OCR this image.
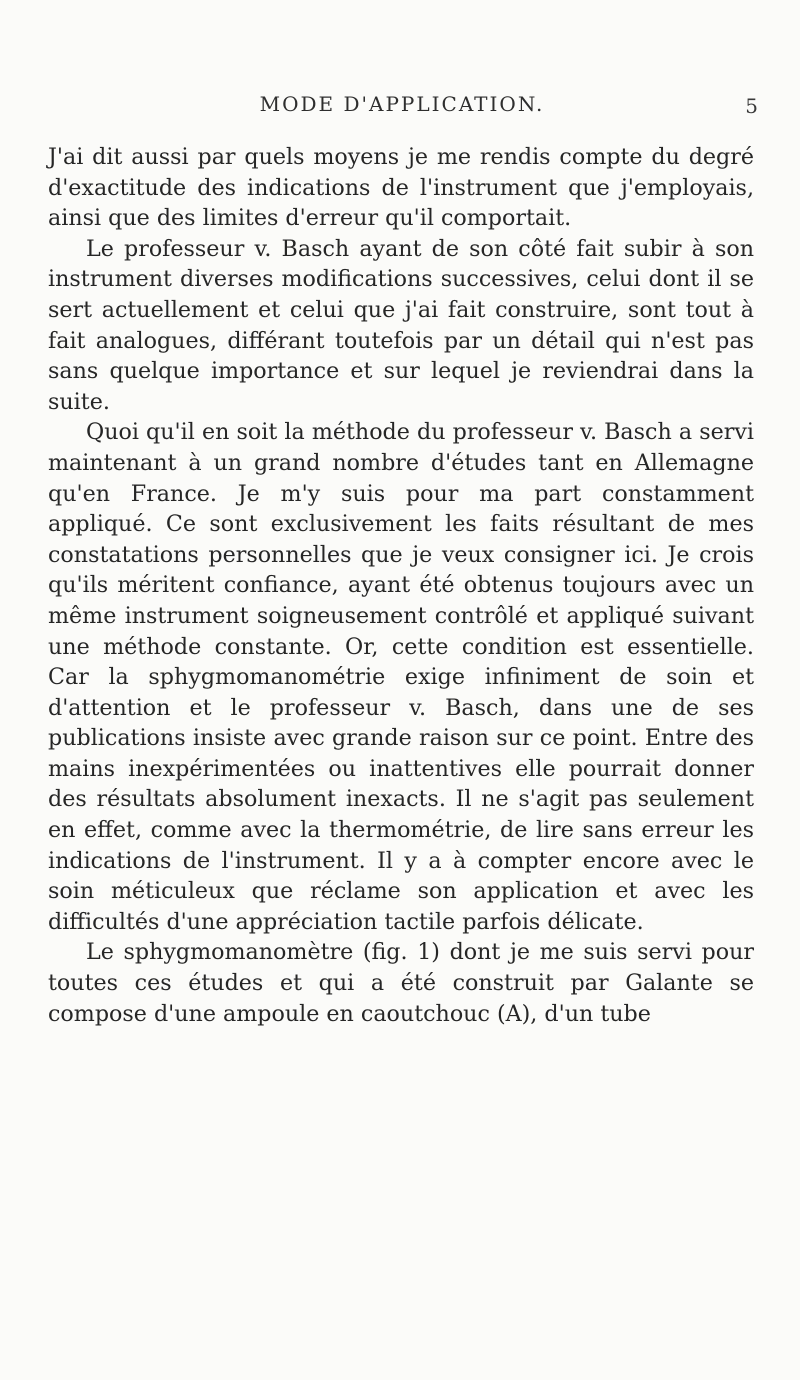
MODE D'APPLICATION.	5

J'ai dit aussi par quels moyens je me rendis compte du degré d'exactitude des indications de l'instrument que j'employais, ainsi que des limites d'erreur qu'il comportait.

Le professeur v. Basch ayant de son côté fait subir à son instrument diverses modifications successives, celui dont il se sert actuellement et celui que j'ai fait construire, sont tout à fait analogues, différant toutefois par un détail qui n'est pas sans quelque importance et sur lequel je reviendrai dans la suite.

Quoi qu'il en soit la méthode du professeur v. Basch a servi maintenant à un grand nombre d'études tant en Allemagne qu'en France. Je m'y suis pour ma part constamment appliqué. Ce sont exclusivement les faits résultant de mes constatations personnelles que je veux consigner ici. Je crois qu'ils méritent confiance, ayant été obtenus toujours avec un même instrument soigneusement contrôlé et appliqué suivant une méthode constante. Or, cette condition est essentielle. Car la sphygmomanométrie exige infiniment de soin et d'attention et le professeur v. Basch, dans une de ses publications insiste avec grande raison sur ce point. Entre des mains inexpérimentées ou inattentives elle pourrait donner des résultats absolument inexacts. Il ne s'agit pas seulement en effet, comme avec la thermométrie, de lire sans erreur les indications de l'instrument. Il y a à compter encore avec le soin méticuleux que réclame son application et avec les difficultés d'une appréciation tactile parfois délicate.

Le sphygmomanomètre (fig. 1) dont je me suis servi pour toutes ces études et qui a été construit par Galante se compose d'une ampoule en caoutchouc (A), d'un tube
